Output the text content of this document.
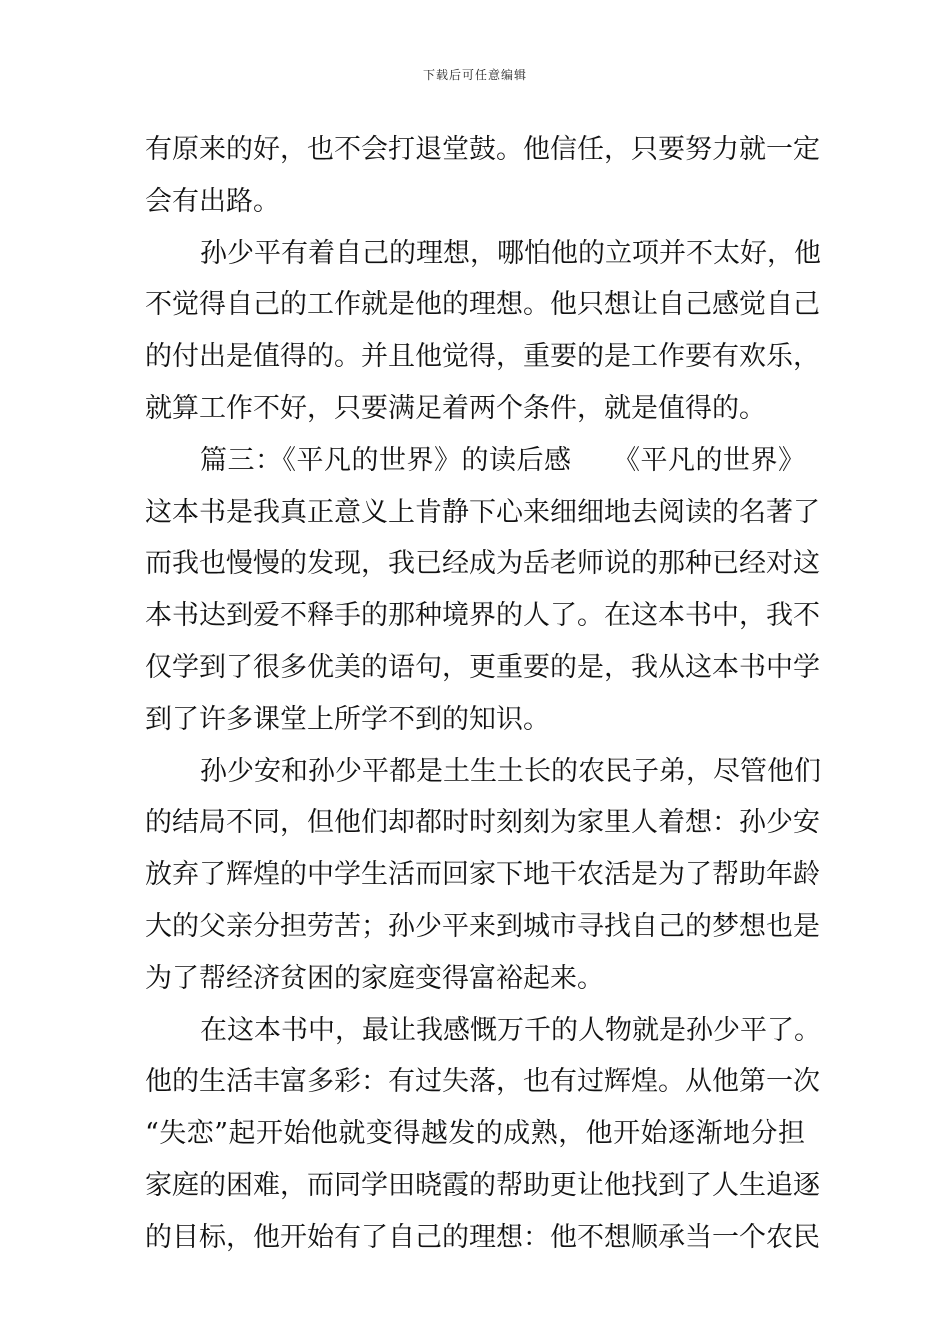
下载后可任意编辑
有原来的好，也不会打退堂鼓。他信任，只要努力就一定
会有出路。
孙少平有着自己的理想，哪怕他的立项并不太好，他
不觉得自己的工作就是他的理想。他只想让自己感觉自己
的付出是值得的。并且他觉得，重要的是工作要有欢乐，
就算工作不好，只要满足着两个条件，就是值得的。
篇三：《平凡的世界》的读后感　　《平凡的世界》
这本书是我真正意义上肯静下心来细细地去阅读的名著了
而我也慢慢的发现，我已经成为岳老师说的那种已经对这
本书达到爱不释手的那种境界的人了。在这本书中，我不
仅学到了很多优美的语句，更重要的是，我从这本书中学
到了许多课堂上所学不到的知识。
孙少安和孙少平都是土生土长的农民子弟，尽管他们
的结局不同，但他们却都时时刻刻为家里人着想：孙少安
放弃了辉煌的中学生活而回家下地干农活是为了帮助年龄
大的父亲分担劳苦；孙少平来到城市寻找自己的梦想也是
为了帮经济贫困的家庭变得富裕起来。
在这本书中，最让我感慨万千的人物就是孙少平了。
他的生活丰富多彩：有过失落，也有过辉煌。从他第一次
“失恋”起开始他就变得越发的成熟，他开始逐渐地分担
家庭的困难，而同学田晓霞的帮助更让他找到了人生追逐
的目标，他开始有了自己的理想：他不想顺承当一个农民
